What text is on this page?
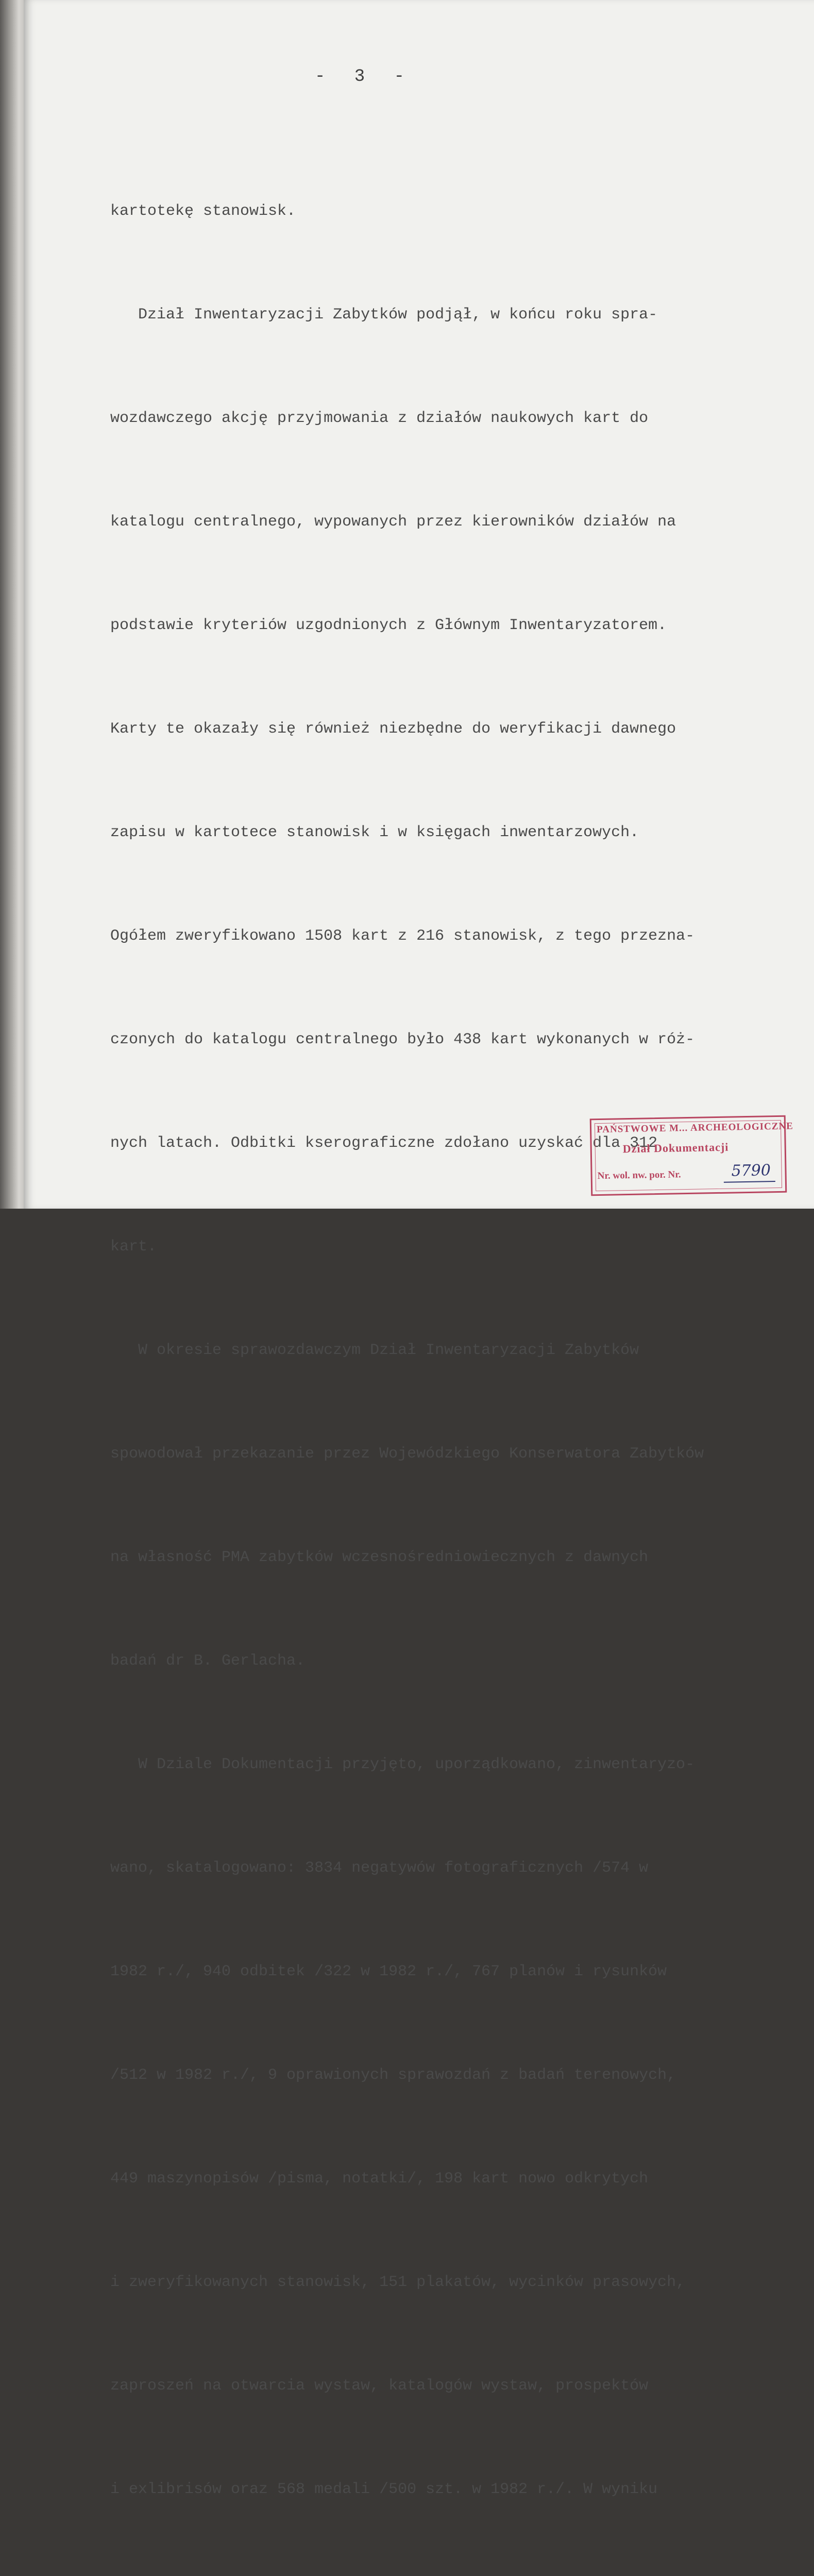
- 3 -

kartotekę stanowisk.

Dział Inwentaryzacji Zabytków podjął, w końcu roku spra-

wozdawczego akcję przyjmowania z działów naukowych kart do

katalogu centralnego, wypowanych przez kierowników działów na

podstawie kryteriów uzgodnionych z Głównym Inwentaryzatorem.

Karty te okazały się również niezbędne do weryfikacji dawnego

zapisu w kartotece stanowisk i w księgach inwentarzowych.

Ogółem zweryfikowano 1508 kart z 216 stanowisk, z tego przezna-

czonych do katalogu centralnego było 438 kart wykonanych w róż-

nych latach. Odbitki kserograficzne zdołano uzyskać dla 312

kart.

W okresie sprawozdawczym Dział Inwentaryzacji Zabytków

spowodował przekazanie przez Wojewódzkiego Konserwatora Zabytków

na własność PMA zabytków wczesnośredniowiecznych z dawnych

badań dr B. Gerlacha.

W Dziale Dokumentacji przyjęto, uporządkowano, zinwentaryzo-

wano, skatalogowano: 3834 negatywów fotograficznych /574 w

1982 r./, 940 odbitek /322 w 1982 r./, 767 planów i rysunków

/512 w 1982 r./, 9 oprawionych sprawozdań z badań terenowych,

449 maszynopisów /pisma, notatki/, 198 kart nowo odkrytych

i zweryfikowanych stanowisk, 151 plakatów, wycinków prasowych,

zaproszeń na otwarcia wystaw, katalogów wystaw, prospektów

i exlibrisów oraz 568 medali /500 szt. w 1982 r./. W wyniku

PAŃSTWOWE M... ARCHEOLOGICZNE
Dział Dokumentacji
Nr. wol. nw. por. Nr.	5790
